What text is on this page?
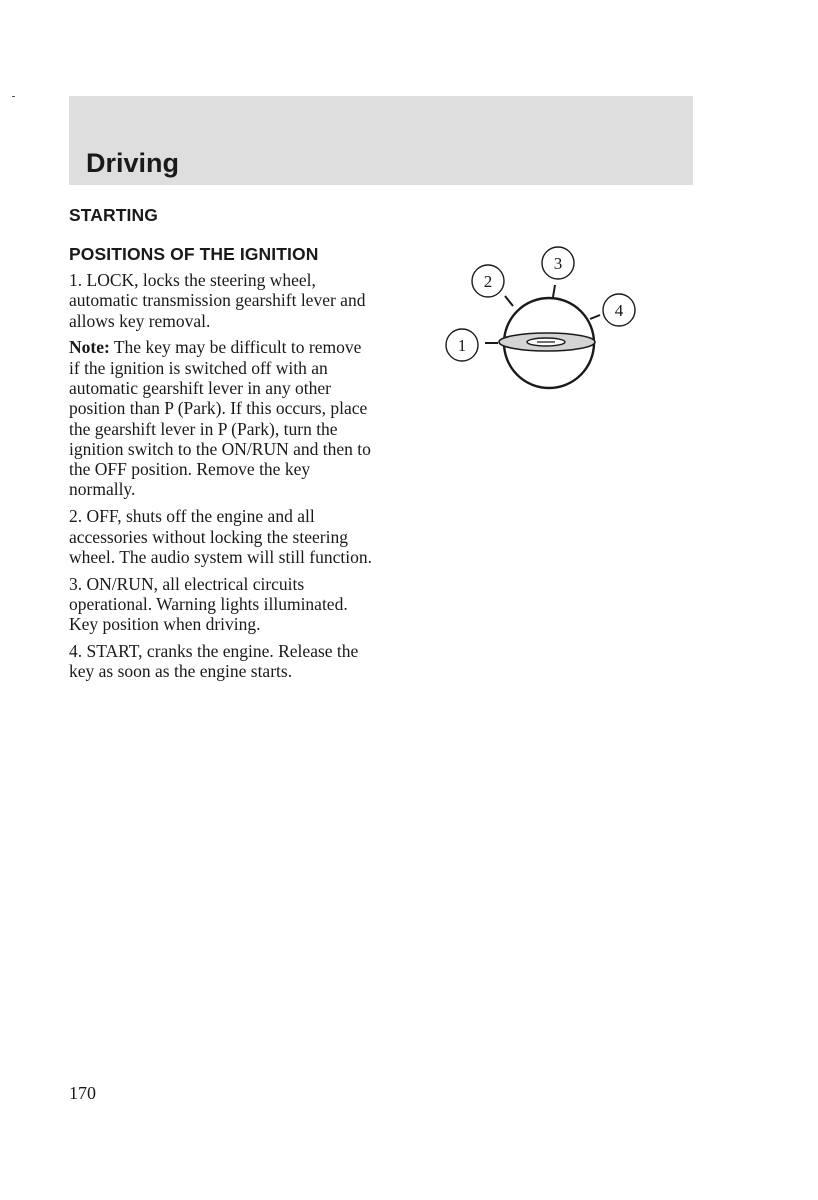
Driving
STARTING
POSITIONS OF THE IGNITION

1. LOCK, locks the steering wheel, automatic transmission gearshift lever and allows key removal.

Note: The key may be difficult to remove if the ignition is switched off with an automatic gearshift lever in any other position than P (Park). If this occurs, place the gearshift lever in P (Park), turn the ignition switch to the ON/RUN and then to the OFF position. Remove the key normally.

2. OFF, shuts off the engine and all accessories without locking the steering wheel. The audio system will still function.

3. ON/RUN, all electrical circuits operational. Warning lights illuminated. Key position when driving.

4. START, cranks the engine. Release the key as soon as the engine starts.

1
2
3
4
170
